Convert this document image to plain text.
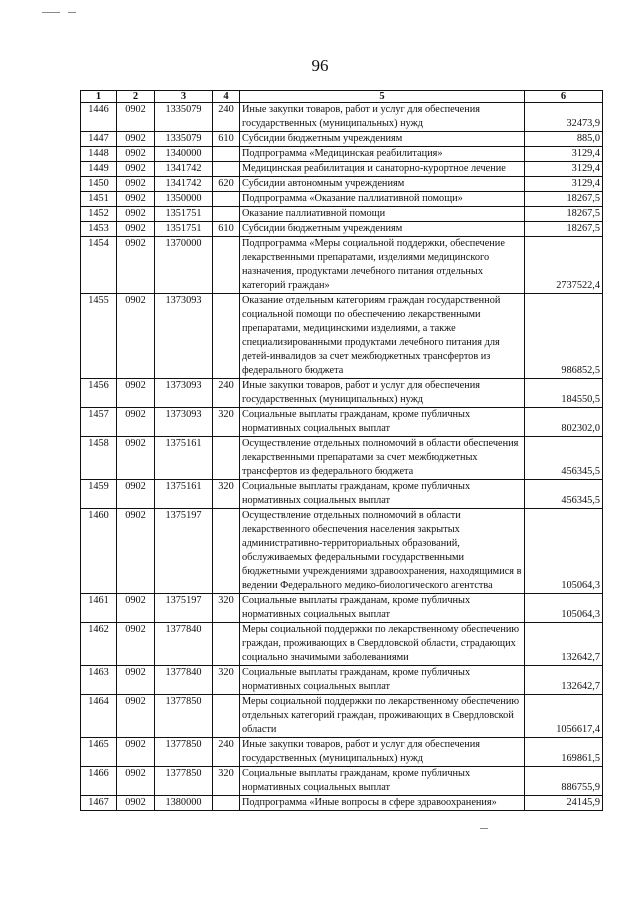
96
1	2	3	4	5	6
1446	0902	1335079	240	Иные закупки товаров, работ и услуг для обеспечения государственных (муниципальных) нужд	32473,9
1447	0902	1335079	610	Субсидии бюджетным учреждениям	885,0
1448	0902	1340000		Подпрограмма «Медицинская реабилитация»	3129,4
1449	0902	1341742		Медицинская реабилитация и санаторно-курортное лечение	3129,4
1450	0902	1341742	620	Субсидии автономным учреждениям	3129,4
1451	0902	1350000		Подпрограмма «Оказание паллиативной помощи»	18267,5
1452	0902	1351751		Оказание паллиативной помощи	18267,5
1453	0902	1351751	610	Субсидии бюджетным учреждениям	18267,5
1454	0902	1370000		Подпрограмма «Меры социальной поддержки, обеспечение лекарственными препаратами, изделиями медицинского назначения, продуктами лечебного питания отдельных категорий граждан»	2737522,4
1455	0902	1373093		Оказание отдельным категориям граждан государственной социальной помощи по обеспечению лекарственными препаратами, медицинскими изделиями, а также специализированными продуктами лечебного питания для детей-инвалидов за счет межбюджетных трансфертов из федерального бюджета	986852,5
1456	0902	1373093	240	Иные закупки товаров, работ и услуг для обеспечения государственных (муниципальных) нужд	184550,5
1457	0902	1373093	320	Социальные выплаты гражданам, кроме публичных нормативных социальных выплат	802302,0
1458	0902	1375161		Осуществление отдельных полномочий в области обеспечения лекарственными препаратами за счет межбюджетных трансфертов из федерального бюджета	456345,5
1459	0902	1375161	320	Социальные выплаты гражданам, кроме публичных нормативных социальных выплат	456345,5
1460	0902	1375197		Осуществление отдельных полномочий в области лекарственного обеспечения населения закрытых административно-территориальных образований, обслуживаемых федеральными государственными бюджетными учреждениями здравоохранения, находящимися в ведении Федерального медико-биологического агентства	105064,3
1461	0902	1375197	320	Социальные выплаты гражданам, кроме публичных нормативных социальных выплат	105064,3
1462	0902	1377840		Меры социальной поддержки по лекарственному обеспечению граждан, проживающих в Свердловской области, страдающих социально значимыми заболеваниями	132642,7
1463	0902	1377840	320	Социальные выплаты гражданам, кроме публичных нормативных социальных выплат	132642,7
1464	0902	1377850		Меры социальной поддержки по лекарственному обеспечению отдельных категорий граждан, проживающих в Свердловской области	1056617,4
1465	0902	1377850	240	Иные закупки товаров, работ и услуг для обеспечения государственных (муниципальных) нужд	169861,5
1466	0902	1377850	320	Социальные выплаты гражданам, кроме публичных нормативных социальных выплат	886755,9
1467	0902	1380000		Подпрограмма «Иные вопросы в сфере здравоохранения»	24145,9
